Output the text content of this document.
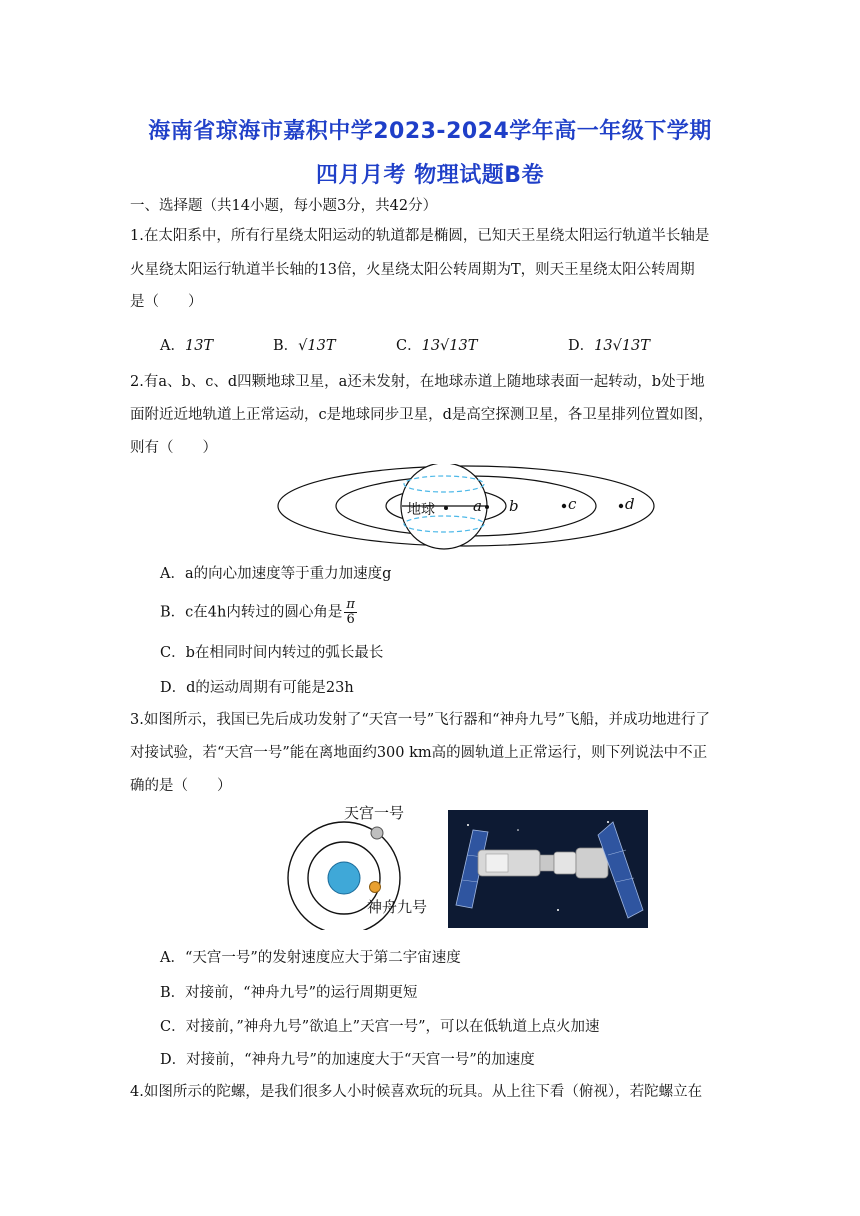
海南省琼海市嘉积中学2023-2024学年高一年级下学期
四月月考 物理试题B卷
一、选择题（共14小题，每小题3分，共42分）
1.在太阳系中，所有行星绕太阳运动的轨道都是椭圆，已知天王星绕太阳运行轨道半长轴是
火星绕太阳运行轨道半长轴的13倍，火星绕太阳公转周期为T，则天王星绕太阳公转周期
是（　　）
A．13T	B．√13T	C．13√13T	D．13√13T
2.有a、b、c、d四颗地球卫星，a还未发射，在地球赤道上随地球表面一起转动，b处于地
面附近近地轨道上正常运动，c是地球同步卫星，d是高空探测卫星，各卫星排列位置如图，
则有（　　）
地球	a b	c	d
A．a的向心加速度等于重力加速度g
B．c在4h内转过的圆心角是 $\frac{\pi}{6}$
C．b在相同时间内转过的弧长最长
D．d的运动周期有可能是23h
3.如图所示，我国已先后成功发射了“天宫一号”飞行器和“神舟九号”飞船，并成功地进行了
对接试验，若“天宫一号”能在离地面约300 km高的圆轨道上正常运行，则下列说法中不正
确的是（　　）
天宫一号
神舟九号
A．“天宫一号”的发射速度应大于第二宇宙速度
B．对接前，“神舟九号”的运行周期更短
C．对接前，”神舟九号”欲追上”天宫一号”，可以在低轨道上点火加速
D．对接前，“神舟九号”的加速度大于“天宫一号”的加速度
4.如图所示的陀螺，是我们很多人小时候喜欢玩的玩具。从上往下看（俯视），若陀螺立在
